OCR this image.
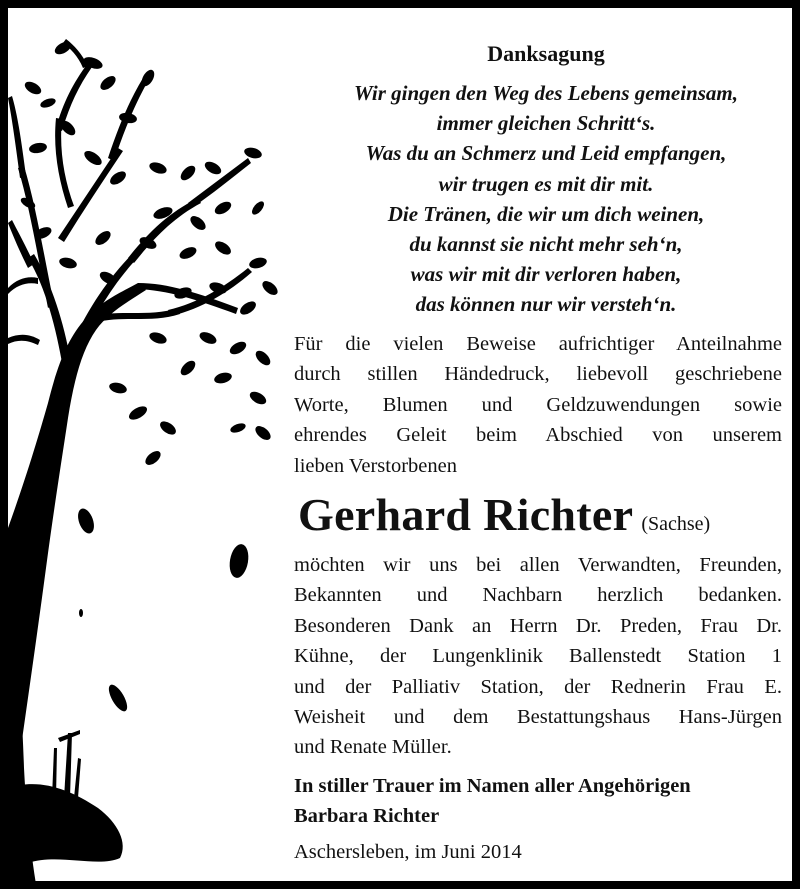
Danksagung
Wir gingen den Weg des Lebens gemeinsam,
immer gleichen Schritt‘s.
Was du an Schmerz und Leid empfangen,
wir trugen es mit dir mit.
Die Tränen, die wir um dich weinen,
du kannst sie nicht mehr seh‘n,
was wir mit dir verloren haben,
das können nur wir versteh‘n.
Für die vielen Beweise aufrichtiger Anteilnahme
durch stillen Händedruck, liebevoll geschriebene
Worte, Blumen und Geldzuwendungen sowie
ehrendes Geleit beim Abschied von unserem
lieben Verstorbenen
Gerhard Richter (Sachse)
möchten wir uns bei allen Verwandten, Freunden,
Bekannten und Nachbarn herzlich bedanken.
Besonderen Dank an Herrn Dr. Preden, Frau Dr.
Kühne, der Lungenklinik Ballenstedt Station 1
und der Palliativ Station, der Rednerin Frau E.
Weisheit und dem Bestattungshaus Hans-Jürgen
und Renate Müller.
In stiller Trauer im Namen aller Angehörigen
Barbara Richter
Aschersleben, im Juni 2014
